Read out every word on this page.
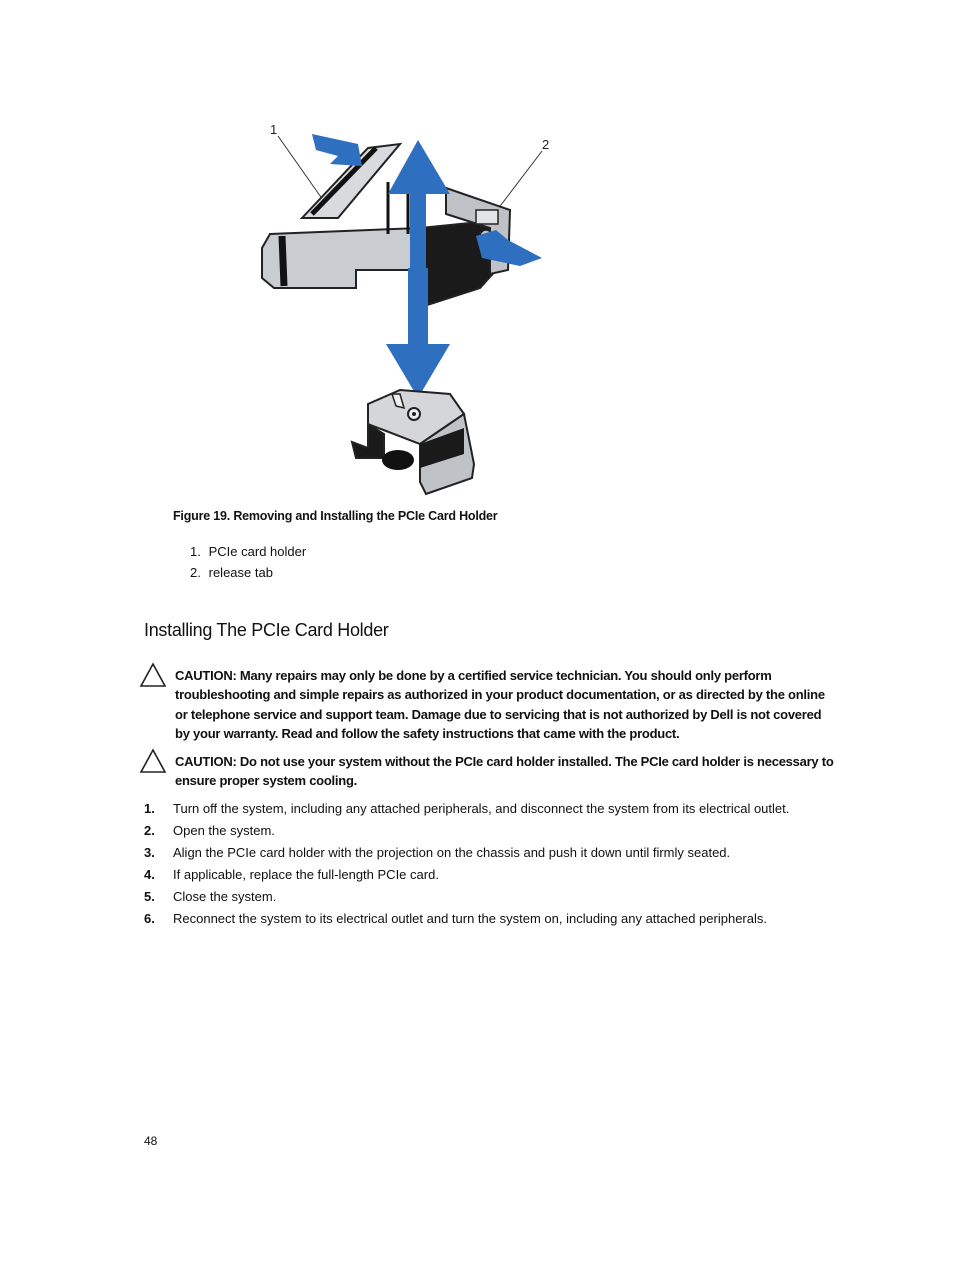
1
2
Figure 19. Removing and Installing the PCIe Card Holder
1. PCIe card holder
2. release tab
Installing The PCIe Card Holder
CAUTION: Many repairs may only be done by a certified service technician. You should only perform troubleshooting and simple repairs as authorized in your product documentation, or as directed by the online or telephone service and support team. Damage due to servicing that is not authorized by Dell is not covered by your warranty. Read and follow the safety instructions that came with the product.
CAUTION: Do not use your system without the PCIe card holder installed. The PCIe card holder is necessary to ensure proper system cooling.
1. Turn off the system, including any attached peripherals, and disconnect the system from its electrical outlet.
2. Open the system.
3. Align the PCIe card holder with the projection on the chassis and push it down until firmly seated.
4. If applicable, replace the full-length PCIe card.
5. Close the system.
6. Reconnect the system to its electrical outlet and turn the system on, including any attached peripherals.
48
